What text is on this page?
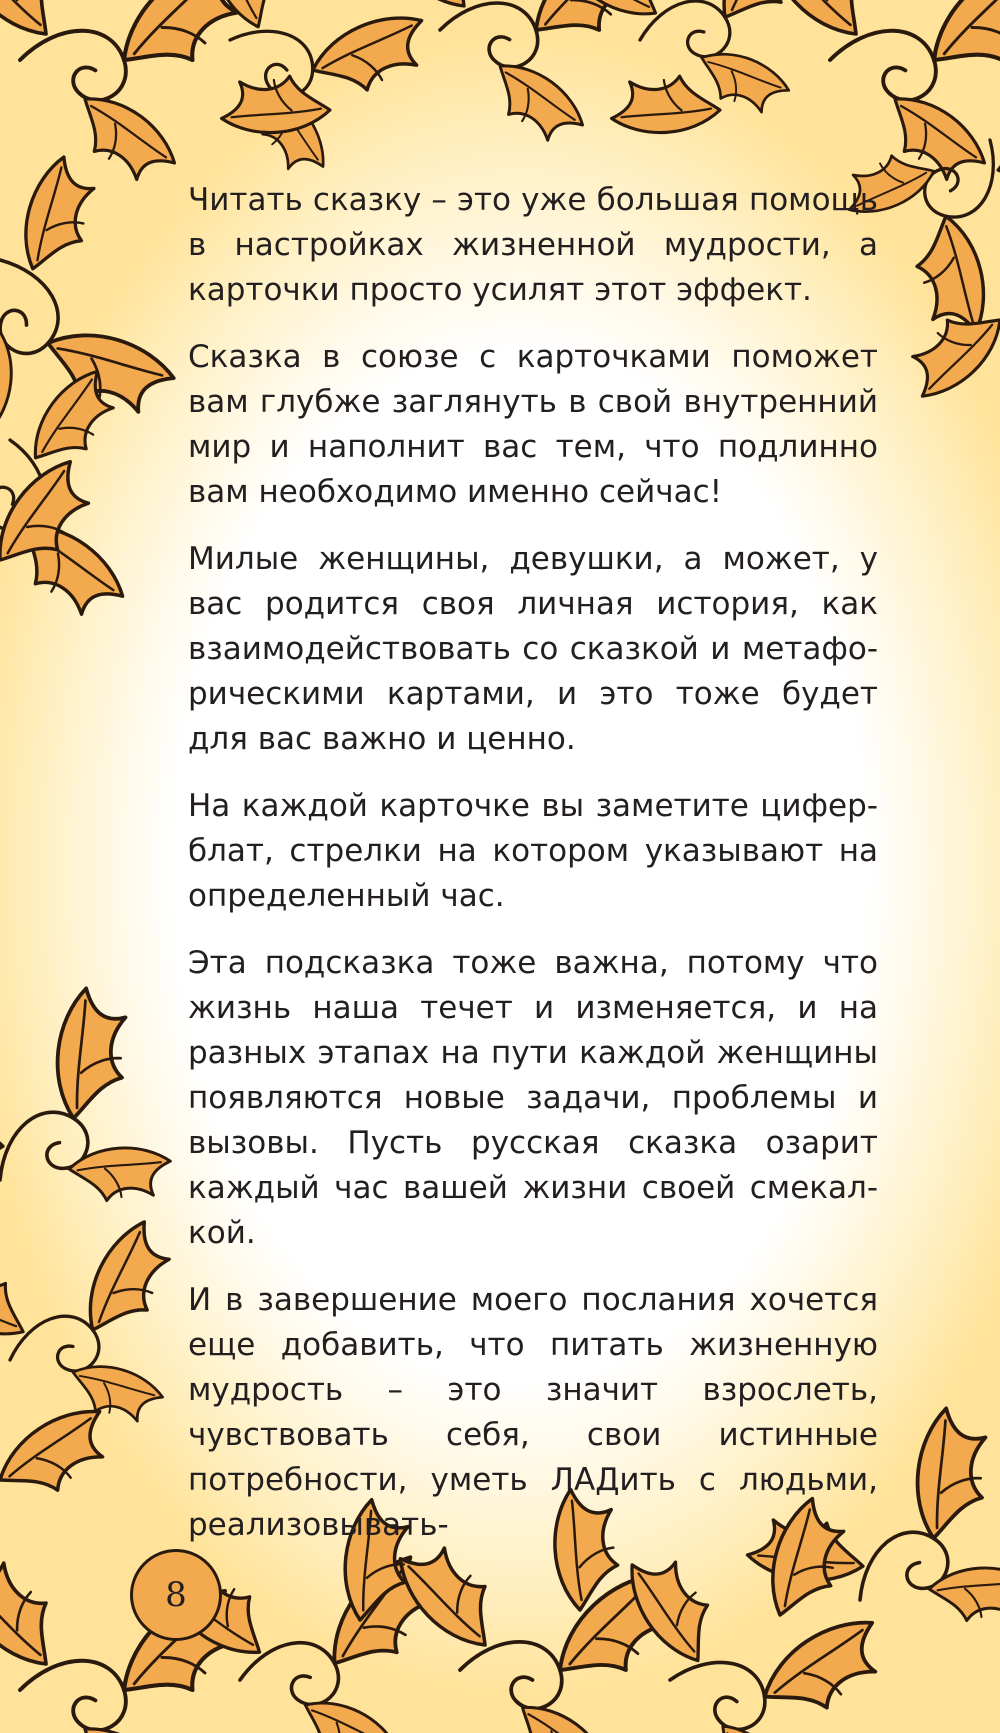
Читать сказку – это уже большая помощь в настройках жизненной мудрости, а карточки просто усилят этот эффект.

Сказка в союзе с карточками поможет вам глубже заглянуть в свой внутренний мир и наполнит вас тем, что подлинно вам необходимо именно сейчас!

Милые женщины, девушки, а может, у вас родится своя личная история, как взаимодействовать со сказкой и метафорическими картами, и это тоже будет для вас важно и ценно.

На каждой карточке вы заметите циферблат, стрелки на котором указывают на определенный час.

Эта подсказка тоже важна, потому что жизнь наша течет и изменяется, и на разных этапах на пути каждой женщины появляются новые задачи, проблемы и вызовы. Пусть русская сказка озарит каждый час вашей жизни своей смекалкой.

И в завершение моего послания хочется еще добавить, что питать жизненную мудрость – это значит взрослеть, чувствовать себя, свои истинные потребности, уметь ЛАДить с людьми, реализовывать-

8
